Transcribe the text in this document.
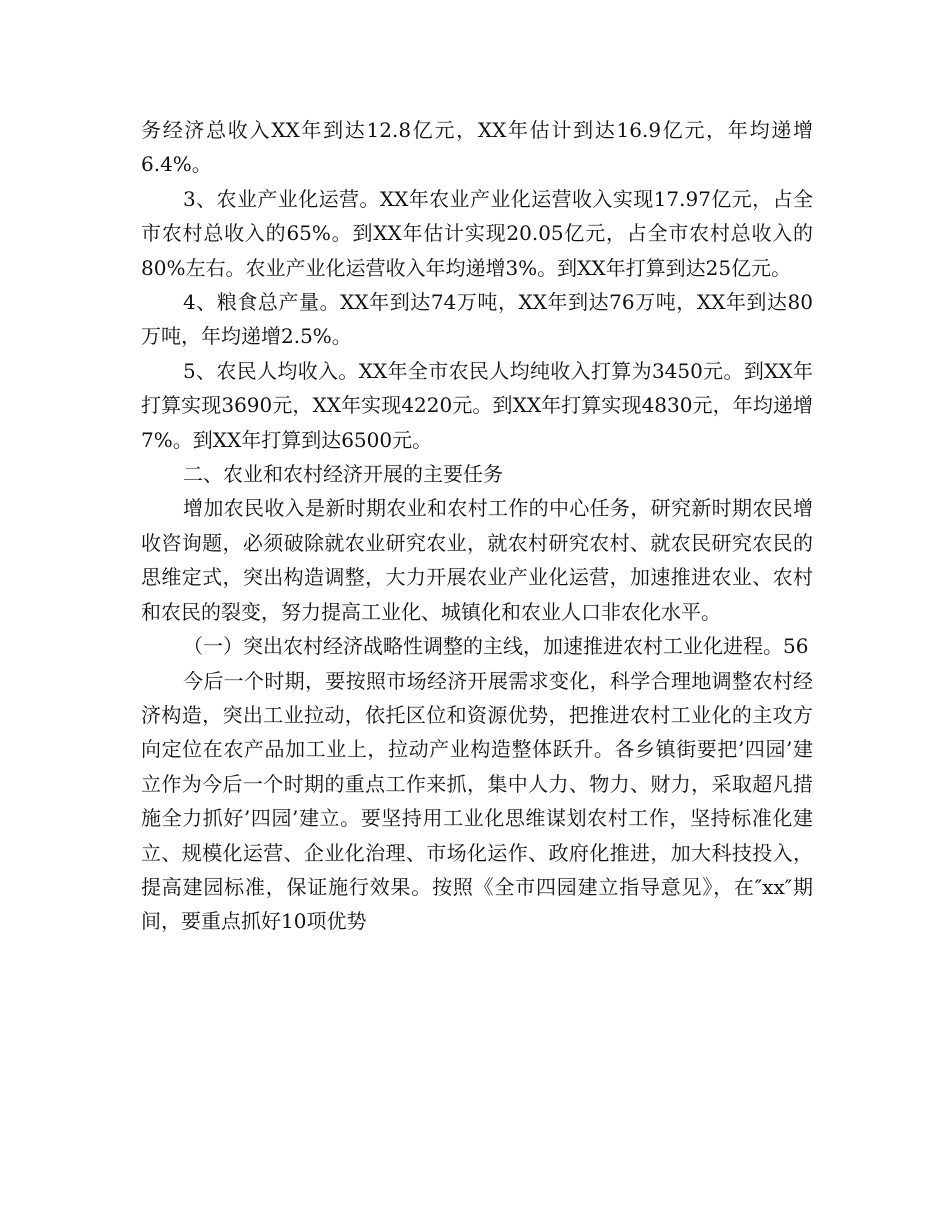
务经济总收入XX年到达12.8亿元，XX年估计到达16.9亿元，年均递增6.4%。

3、农业产业化运营。XX年农业产业化运营收入实现17.97亿元，占全市农村总收入的65%。到XX年估计实现20.05亿元，占全市农村总收入的80%左右。农业产业化运营收入年均递增3%。到XX年打算到达25亿元。

4、粮食总产量。XX年到达74万吨，XX年到达76万吨，XX年到达80万吨，年均递增2.5%。

5、农民人均收入。XX年全市农民人均纯收入打算为3450元。到XX年打算实现3690元，XX年实现4220元。到XX年打算实现4830元，年均递增7%。到XX年打算到达6500元。

二、农业和农村经济开展的主要任务

增加农民收入是新时期农业和农村工作的中心任务，研究新时期农民增收咨询题，必须破除就农业研究农业，就农村研究农村、就农民研究农民的思维定式，突出构造调整，大力开展农业产业化运营，加速推进农业、农村和农民的裂变，努力提高工业化、城镇化和农业人口非农化水平。

（一）突出农村经济战略性调整的主线，加速推进农村工业化进程。56

今后一个时期，要按照市场经济开展需求变化，科学合理地调整农村经济构造，突出工业拉动，依托区位和资源优势，把推进农村工业化的主攻方向定位在农产品加工业上，拉动产业构造整体跃升。各乡镇街要把’四园’建立作为今后一个时期的重点工作来抓，集中人力、物力、财力，采取超凡措施全力抓好’四园’建立。要坚持用工业化思维谋划农村工作，坚持标准化建立、规模化运营、企业化治理、市场化运作、政府化推进，加大科技投入，提高建园标准，保证施行效果。按照《全市四园建立指导意见》，在″xx″期间，要重点抓好10项优势
